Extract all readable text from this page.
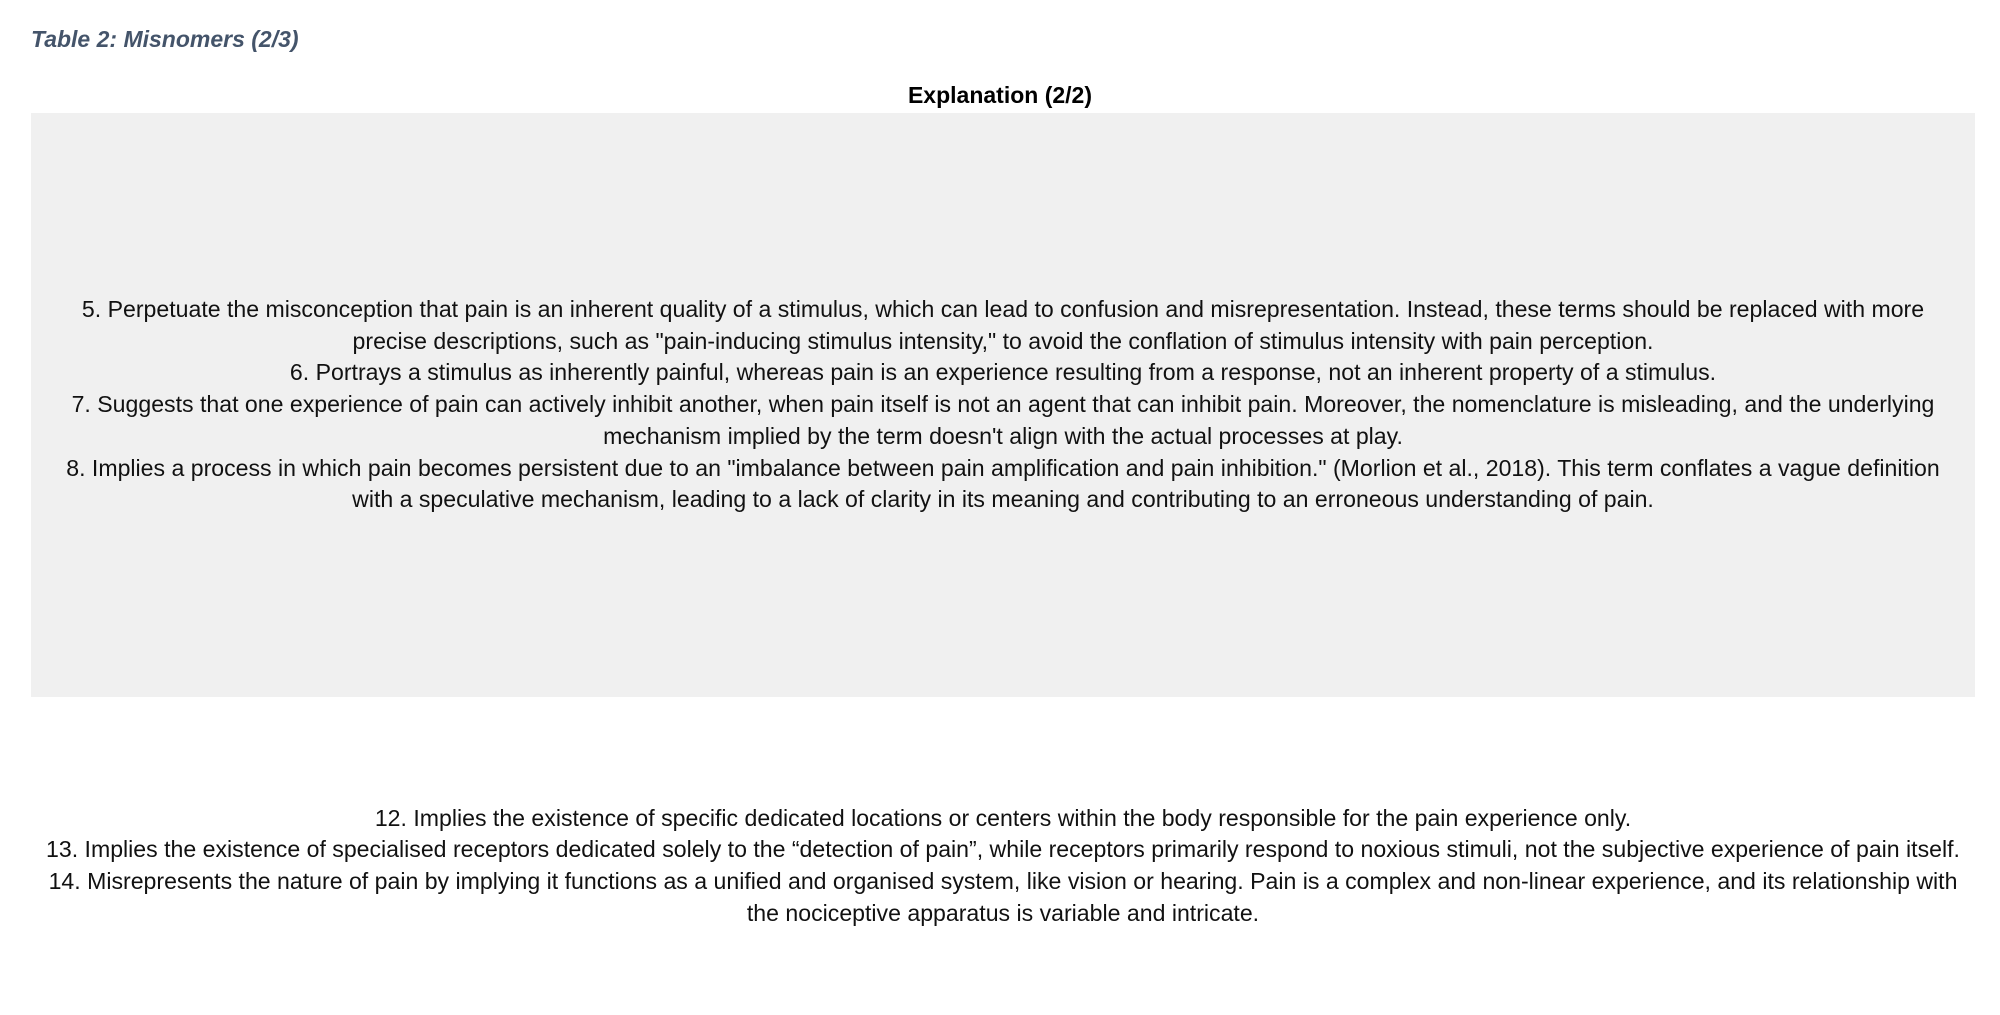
Table 2: Misnomers (2/3)

Explanation (2/2)

5. Perpetuate the misconception that pain is an inherent quality of a stimulus, which can lead to confusion and misrepresentation. Instead, these terms should be replaced with more precise descriptions, such as "pain-inducing stimulus intensity," to avoid the conflation of stimulus intensity with pain perception.

6. Portrays a stimulus as inherently painful, whereas pain is an experience resulting from a response, not an inherent property of a stimulus.

7. Suggests that one experience of pain can actively inhibit another, when pain itself is not an agent that can inhibit pain. Moreover, the nomenclature is misleading, and the underlying mechanism implied by the term doesn't align with the actual processes at play.

8. Implies a process in which pain becomes persistent due to an "imbalance between pain amplification and pain inhibition." (Morlion et al., 2018). This term conflates a vague definition with a speculative mechanism, leading to a lack of clarity in its meaning and contributing to an erroneous understanding of pain.

12. Implies the existence of specific dedicated locations or centers within the body responsible for the pain experience only.

13. Implies the existence of specialised receptors dedicated solely to the “detection of pain”, while receptors primarily respond to noxious stimuli, not the subjective experience of pain itself.

14. Misrepresents the nature of pain by implying it functions as a unified and organised system, like vision or hearing. Pain is a complex and non-linear experience, and its relationship with the nociceptive apparatus is variable and intricate.
